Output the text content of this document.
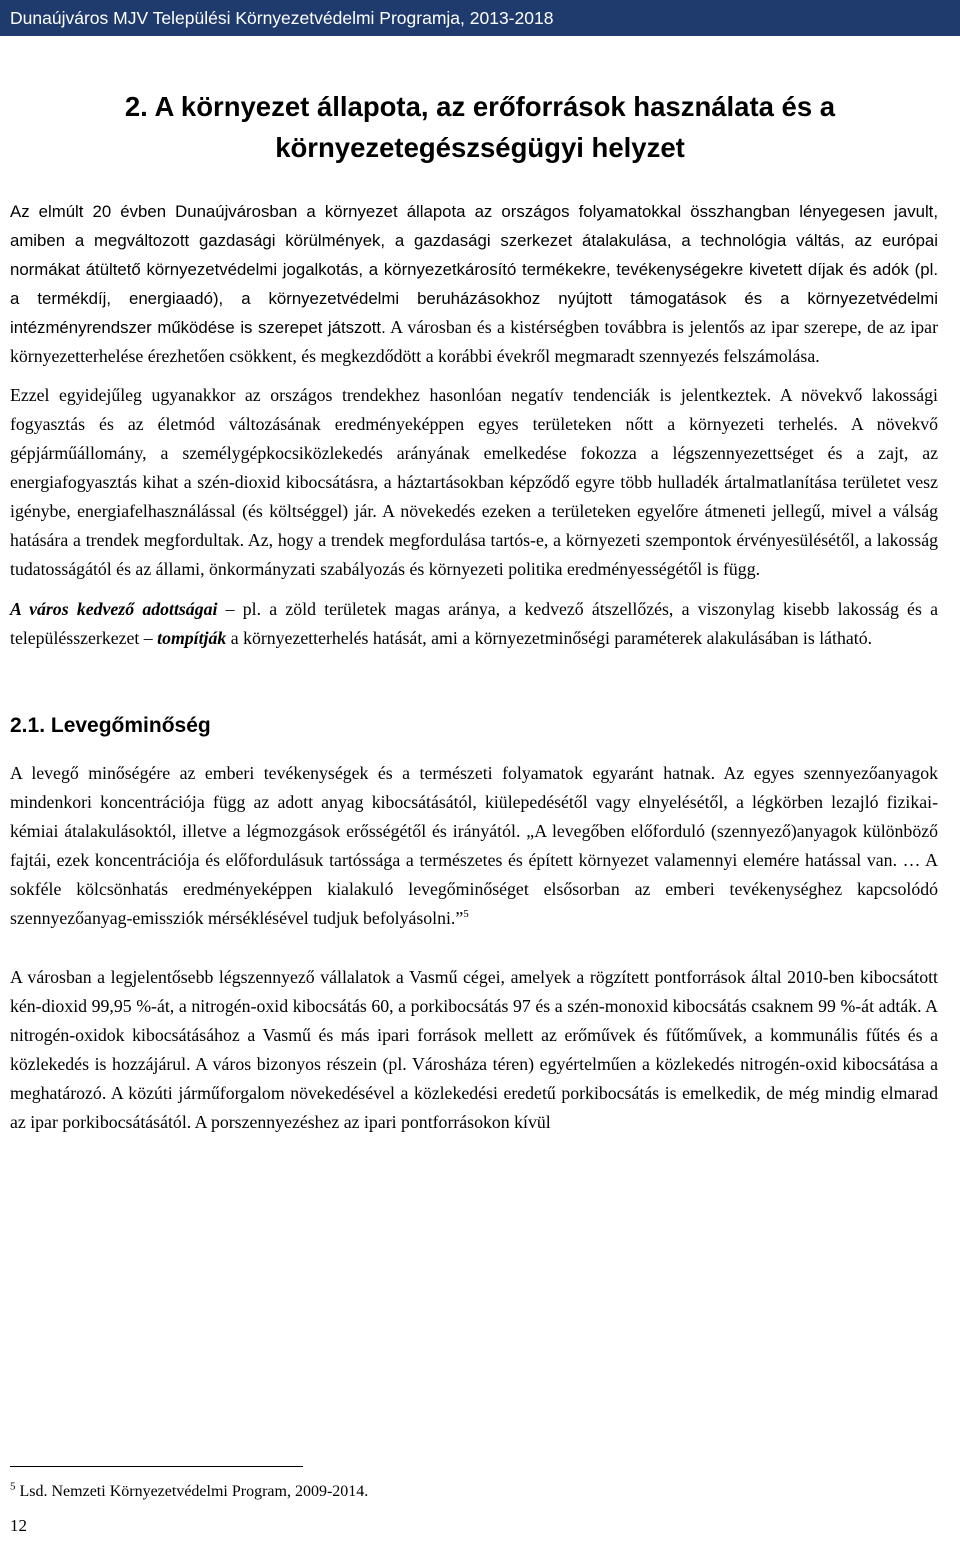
Dunaújváros MJV Települési Környezetvédelmi Programja, 2013-2018
2. A környezet állapota, az erőforrások használata és a
környezetegészségügyi helyzet

Az elmúlt 20 évben Dunaújvárosban a környezet állapota az országos folyamatokkal összhangban lényegesen javult, amiben a megváltozott gazdasági körülmények, a gazdasági szerkezet átalakulása, a technológia váltás, az európai normákat átültető környezetvédelmi jogalkotás, a környezetkárosító termékekre, tevékenységekre kivetett díjak és adók (pl. a termékdíj, energiaadó), a környezetvédelmi beruházásokhoz nyújtott támogatások és a környezetvédelmi intézményrendszer működése is szerepet játszott. A városban és a kistérségben továbbra is jelentős az ipar szerepe, de az ipar környezetterhelése érezhetően csökkent, és megkezdődött a korábbi évekről megmaradt szennyezés felszámolása.

Ezzel egyidejűleg ugyanakkor az országos trendekhez hasonlóan negatív tendenciák is jelentkeztek. A növekvő lakossági fogyasztás és az életmód változásának eredményeképpen egyes területeken nőtt a környezeti terhelés. A növekvő gépjárműállomány, a személygépkocsiközlekedés arányának emelkedése fokozza a légszennyezettséget és a zajt, az energiafogyasztás kihat a szén-dioxid kibocsátásra, a háztartásokban képződő egyre több hulladék ártalmatlanítása területet vesz igénybe, energiafelhasználással (és költséggel) jár. A növekedés ezeken a területeken egyelőre átmeneti jellegű, mivel a válság hatására a trendek megfordultak. Az, hogy a trendek megfordulása tartós-e, a környezeti szempontok érvényesülésétől, a lakosság tudatosságától és az állami, önkormányzati szabályozás és környezeti politika eredményességétől is függ.

A város kedvező adottságai – pl. a zöld területek magas aránya, a kedvező átszellőzés, a viszonylag kisebb lakosság és a településszerkezet – tompítják a környezetterhelés hatását, ami a környezetminőségi paraméterek alakulásában is látható.

2.1. Levegőminőség

A levegő minőségére az emberi tevékenységek és a természeti folyamatok egyaránt hatnak. Az egyes szennyezőanyagok mindenkori koncentrációja függ az adott anyag kibocsátásától, kiülepedésétől vagy elnyelésétől, a légkörben lezajló fizikai-kémiai átalakulásoktól, illetve a légmozgások erősségétől és irányától. „A levegőben előforduló (szennyező)anyagok különböző fajtái, ezek koncentrációja és előfordulásuk tartóssága a természetes és épített környezet valamennyi elemére hatással van. … A sokféle kölcsönhatás eredményeképpen kialakuló levegőminőséget elsősorban az emberi tevékenységhez kapcsolódó szennyezőanyag-emissziók mérséklésével tudjuk befolyásolni.”$^5$

A városban a legjelentősebb légszennyező vállalatok a Vasmű cégei, amelyek a rögzített pontforrások által 2010-ben kibocsátott kén-dioxid 99,95 %-át, a nitrogén-oxid kibocsátás 60, a porkibocsátás 97 és a szén-monoxid kibocsátás csaknem 99 %-át adták. A nitrogén-oxidok kibocsátásához a Vasmű és más ipari források mellett az erőművek és fűtőművek, a kommunális fűtés és a közlekedés is hozzájárul. A város bizonyos részein (pl. Városháza téren) egyértelműen a közlekedés nitrogén-oxid kibocsátása a meghatározó. A közúti járműforgalom növekedésével a közlekedési eredetű porkibocsátás is emelkedik, de még mindig elmarad az ipar porkibocsátásától. A porszennyezéshez az ipari pontforrásokon kívül

$^5$ Lsd. Nemzeti Környezetvédelmi Program, 2009-2014.
12
